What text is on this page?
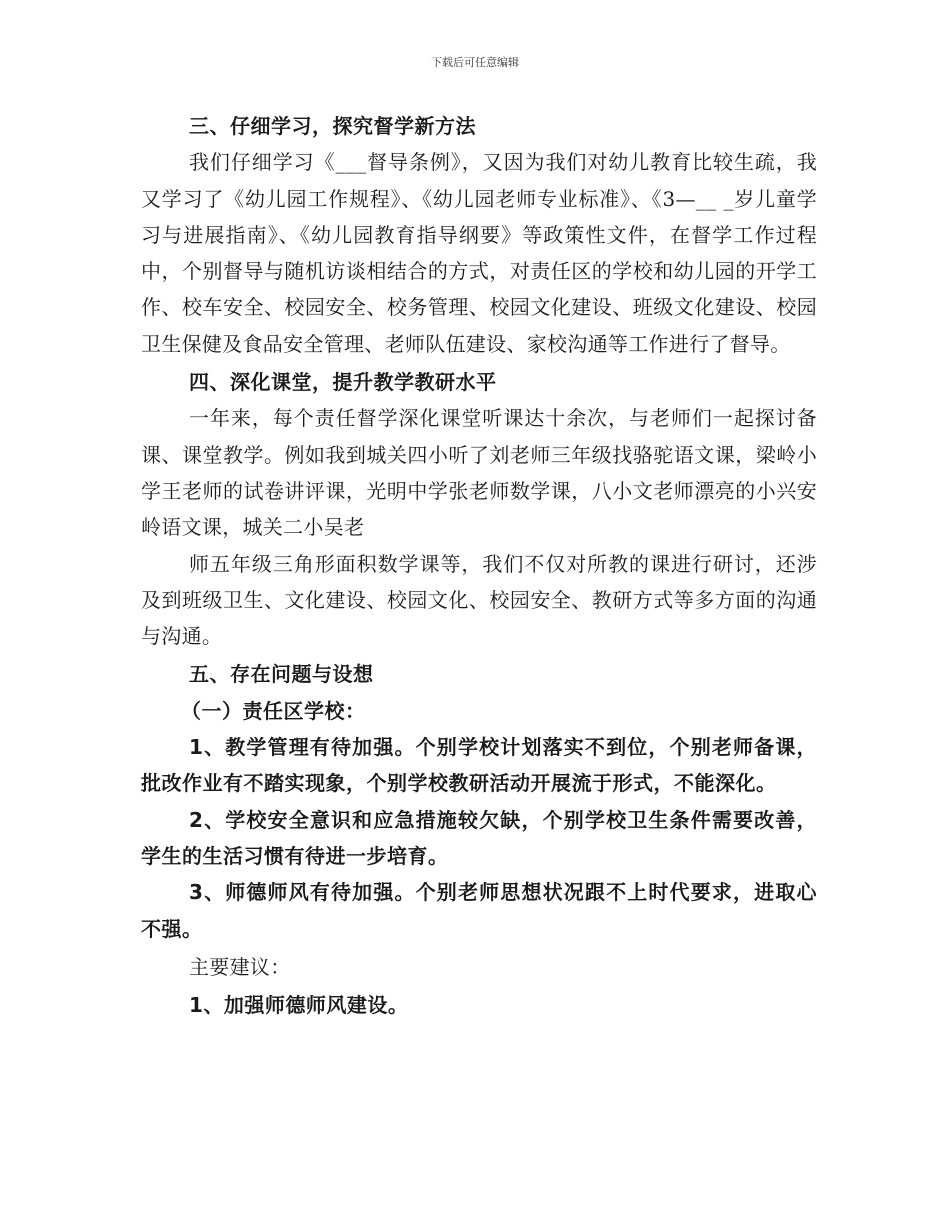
下载后可任意编辑

三、仔细学习，探究督学新方法

我们仔细学习《___督导条例》，又因为我们对幼儿教育比较生疏，我又学习了《幼儿园工作规程》、《幼儿园老师专业标准》、《3—__ _岁儿童学习与进展指南》、《幼儿园教育指导纲要》等政策性文件，在督学工作过程中，个别督导与随机访谈相结合的方式，对责任区的学校和幼儿园的开学工作、校车安全、校园安全、校务管理、校园文化建设、班级文化建设、校园卫生保健及食品安全管理、老师队伍建设、家校沟通等工作进行了督导。

四、深化课堂，提升教学教研水平

一年来，每个责任督学深化课堂听课达十余次，与老师们一起探讨备课、课堂教学。例如我到城关四小听了刘老师三年级找骆驼语文课，梁岭小学王老师的试卷讲评课，光明中学张老师数学课，八小文老师漂亮的小兴安岭语文课，城关二小吴老

师五年级三角形面积数学课等，我们不仅对所教的课进行研讨，还涉及到班级卫生、文化建设、校园文化、校园安全、教研方式等多方面的沟通与沟通。

五、存在问题与设想

（一）责任区学校：

1、教学管理有待加强。个别学校计划落实不到位，个别老师备课，批改作业有不踏实现象，个别学校教研活动开展流于形式，不能深化。

2、学校安全意识和应急措施较欠缺，个别学校卫生条件需要改善，学生的生活习惯有待进一步培育。

3、师德师风有待加强。个别老师思想状况跟不上时代要求，进取心不强。

主要建议：

1、加强师德师风建设。
